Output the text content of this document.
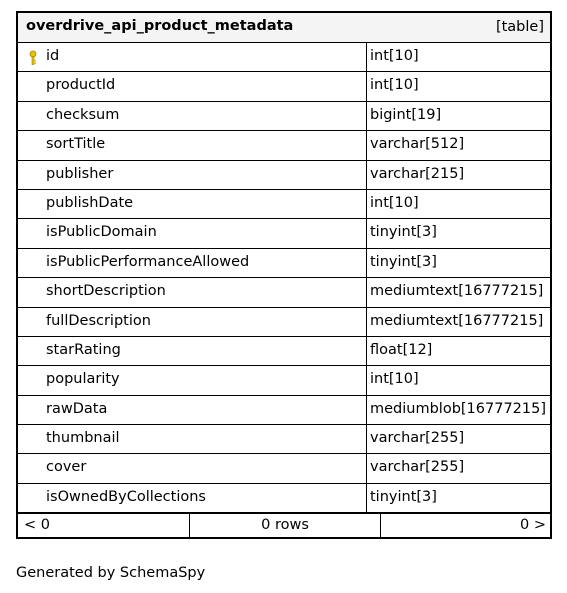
overdrive_api_product_metadata	[table]
id	int[10]
productId	int[10]
checksum	bigint[19]
sortTitle	varchar[512]
publisher	varchar[215]
publishDate	int[10]
isPublicDomain	tinyint[3]
isPublicPerformanceAllowed	tinyint[3]
shortDescription	mediumtext[16777215]
fullDescription	mediumtext[16777215]
starRating	float[12]
popularity	int[10]
rawData	mediumblob[16777215]
thumbnail	varchar[255]
cover	varchar[255]
isOwnedByCollections	tinyint[3]
< 0	0 rows	0 >
Generated by SchemaSpy
